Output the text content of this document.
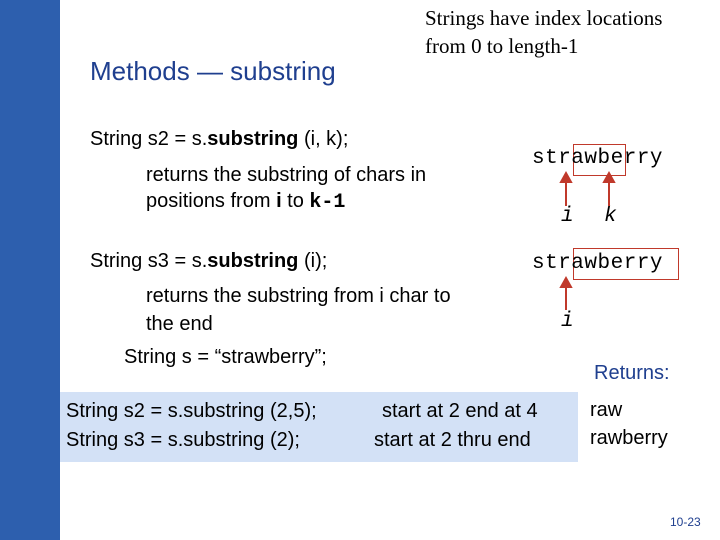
Methods — substring
Strings have index locations
from 0 to length-1
String s2 = s.substring (i, k);
returns the substring of chars in
positions from i to k-1
String s3 = s.substring (i);
returns the substring from i char to
the end
String s = “strawberry”;
strawberry
i k
strawberry
i
Returns:
String s2 = s.substring (2,5);	start at 2 end at 4
String s3 = s.substring (2);	start at 2 thru end
raw
rawberry
10-23
